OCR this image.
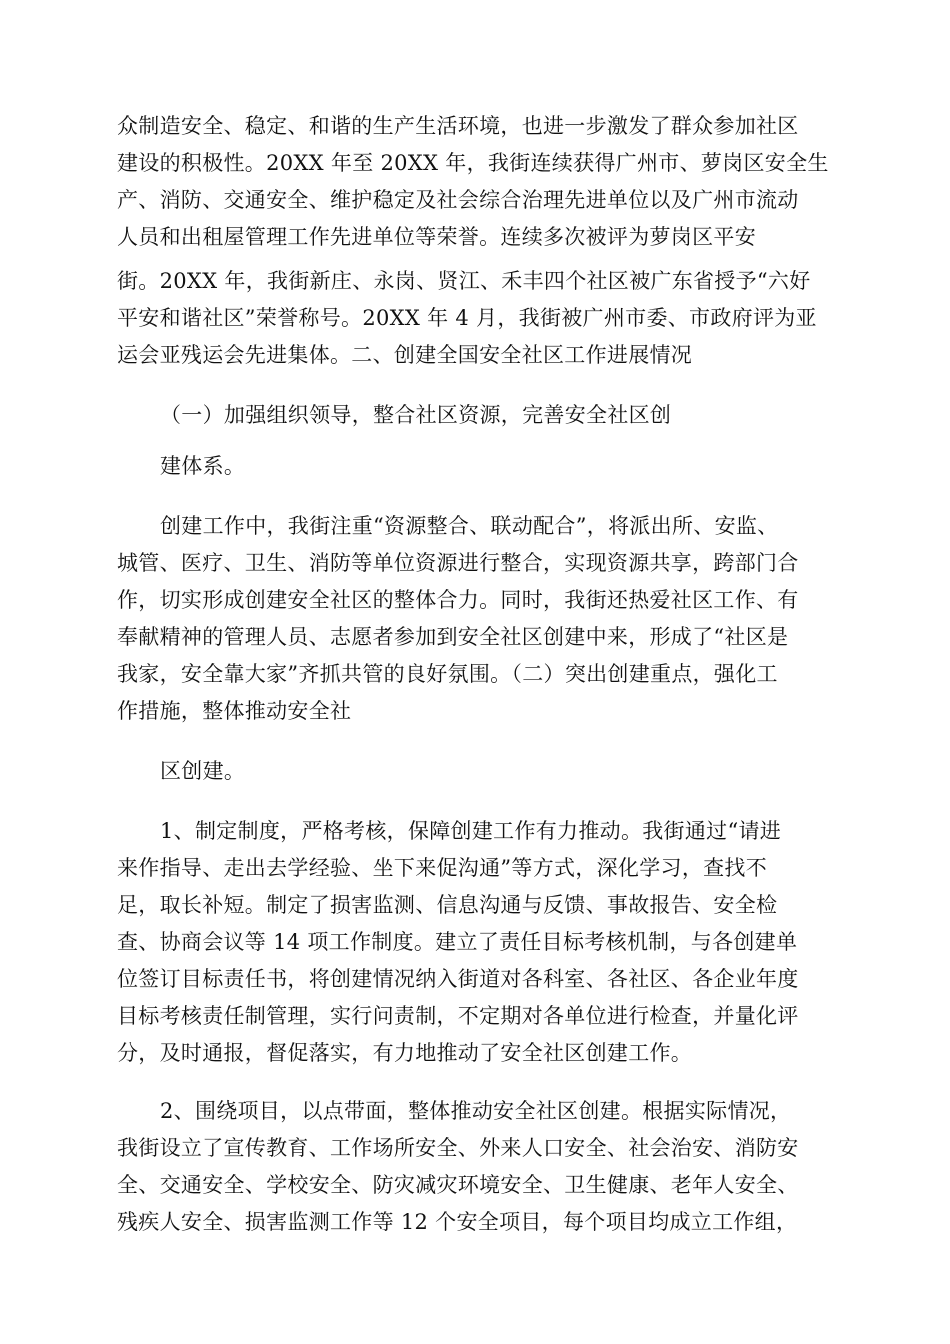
众制造安全、稳定、和谐的生产生活环境，也进一步激发了群众参加社区
建设的积极性。20XX 年至 20XX 年，我街连续获得广州市、萝岗区安全生
产、消防、交通安全、维护稳定及社会综合治理先进单位以及广州市流动
人员和出租屋管理工作先进单位等荣誉。连续多次被评为萝岗区平安
街。20XX 年，我街新庄、永岗、贤江、禾丰四个社区被广东省授予“六好
平安和谐社区”荣誉称号。20XX 年 4 月，我街被广州市委、市政府评为亚
运会亚残运会先进集体。二、创建全国安全社区工作进展情况
（一）加强组织领导，整合社区资源，完善安全社区创
建体系。
创建工作中，我街注重“资源整合、联动配合”，将派出所、安监、
城管、医疗、卫生、消防等单位资源进行整合，实现资源共享，跨部门合
作，切实形成创建安全社区的整体合力。同时，我街还热爱社区工作、有
奉献精神的管理人员、志愿者参加到安全社区创建中来，形成了“社区是
我家，安全靠大家”齐抓共管的良好氛围。（二）突出创建重点，强化工
作措施，整体推动安全社
区创建。
1、制定制度，严格考核，保障创建工作有力推动。我街通过“请进
来作指导、走出去学经验、坐下来促沟通”等方式，深化学习，查找不
足，取长补短。制定了损害监测、信息沟通与反馈、事故报告、安全检
查、协商会议等 14 项工作制度。建立了责任目标考核机制，与各创建单
位签订目标责任书，将创建情况纳入街道对各科室、各社区、各企业年度
目标考核责任制管理，实行问责制，不定期对各单位进行检查，并量化评
分，及时通报，督促落实，有力地推动了安全社区创建工作。
2、围绕项目，以点带面，整体推动安全社区创建。根据实际情况，
我街设立了宣传教育、工作场所安全、外来人口安全、社会治安、消防安
全、交通安全、学校安全、防灾减灾环境安全、卫生健康、老年人安全、
残疾人安全、损害监测工作等 12 个安全项目，每个项目均成立工作组，
